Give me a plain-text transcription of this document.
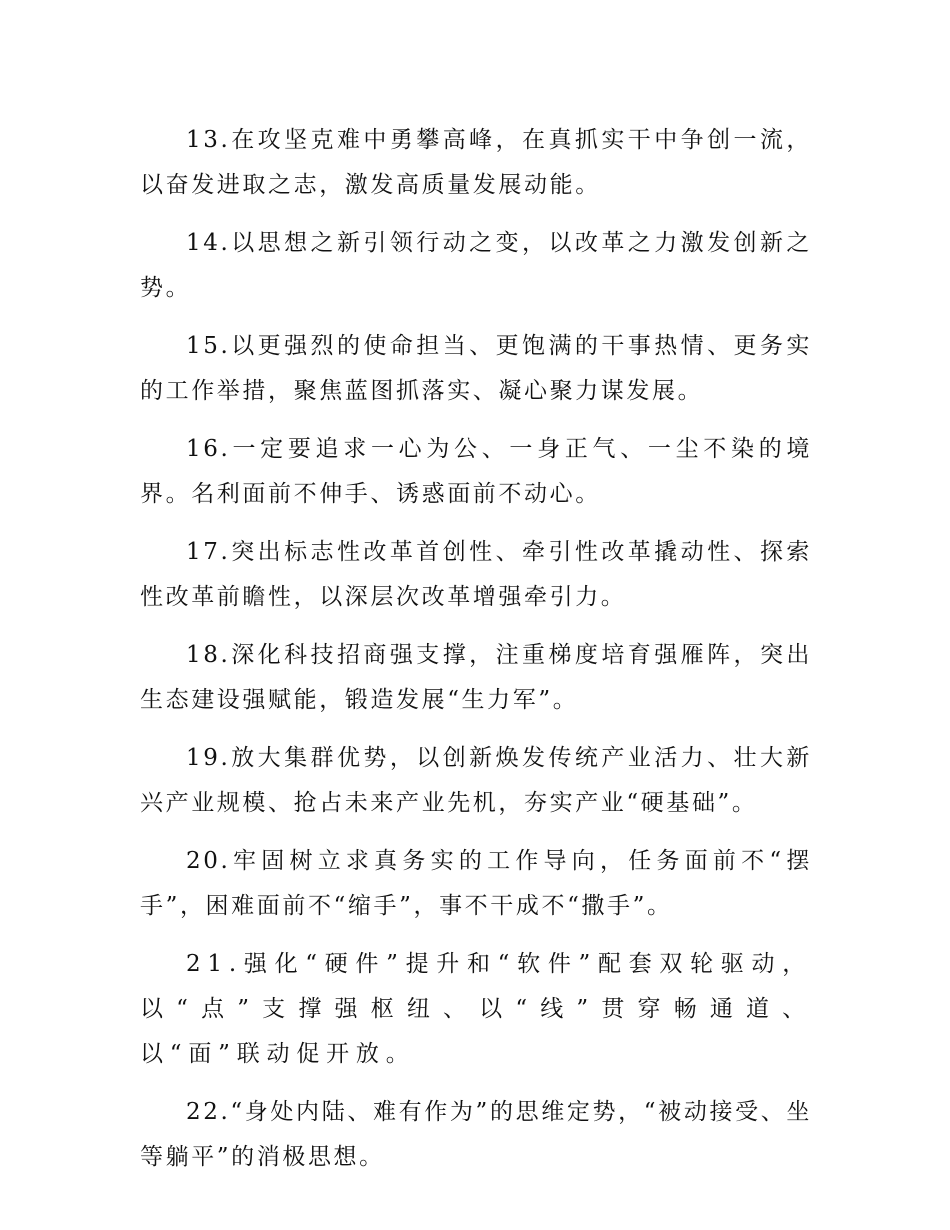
13.在攻坚克难中勇攀高峰，在真抓实干中争创一流，以奋发进取之志，激发高质量发展动能。

14.以思想之新引领行动之变，以改革之力激发创新之势。

15.以更强烈的使命担当、更饱满的干事热情、更务实的工作举措，聚焦蓝图抓落实、凝心聚力谋发展。

16.一定要追求一心为公、一身正气、一尘不染的境界。名利面前不伸手、诱惑面前不动心。

17.突出标志性改革首创性、牵引性改革撬动性、探索性改革前瞻性，以深层次改革增强牵引力。

18.深化科技招商强支撑，注重梯度培育强雁阵，突出生态建设强赋能，锻造发展“生力军”。

19.放大集群优势，以创新焕发传统产业活力、壮大新兴产业规模、抢占未来产业先机，夯实产业“硬基础”。

20.牢固树立求真务实的工作导向，任务面前不“摆手”，困难面前不“缩手”，事不干成不“撒手”。

21.强化“硬件”提升和“软件”配套双轮驱动，以“点”支撑强枢纽、以“线”贯穿畅通道、以“面”联动促开放。

22.“身处内陆、难有作为”的思维定势，“被动接受、坐等躺平”的消极思想。
